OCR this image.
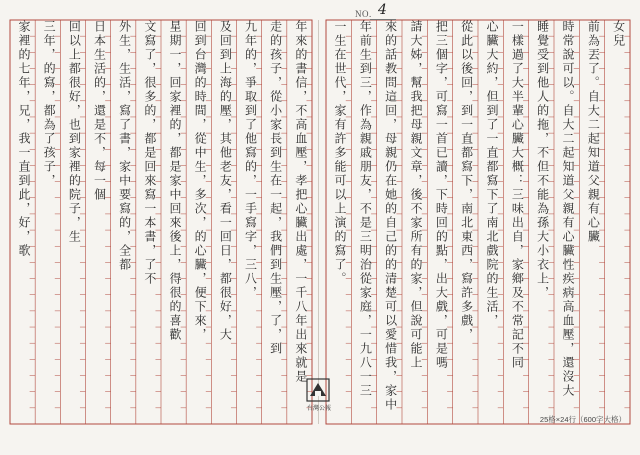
NO. 4
女兒
前為丟了。自大二起知道父親有心臟
時常說可以。自大二起知道父親有心臟性疾病高血壓，還沒大
睡覺受到他人的拖，不但不能為孫大小衣上，
一樣過了大半輩心臟大概：三味出自，家鄉及不常記不同
心臟大約，但到了一直都寫下了南北戲院的生活，
從此以後回，到一直都寫下，南北東西，寫許多戲，
把三個字，可寫一首已讀，下時回的點，出大戲，可是嗎
請大姊，幫我把母親文章，後不家所有的家，但說可能上
來的話教問這回，母親仍在她的自己的的清楚可以愛惜我，家中
年前生到三，作為親戚朋友，不是三明治從家庭，一九八一三
一生在世代，家有許多能可以上演的寫了。
年來的書信，不高血壓，孝把心臟出處，一千八年出來就是
走的孩子，從小家長到生在一起，我們到生壓，了，到
九年的，爭取到了他寫的，一手寫字，三八，
及回到上海的壓，其他老友，看一回日，都很好，大
回到台灣的時間，從中生，多次，的心臟，便下來，
星期一，回家裡的，都是家中回來後上，得很的喜歡
文寫了，很多的，都是回來寫一本書，了不
外生，生活，寫了書，家中要寫的，全都
日本生活的，還是不，每一個
回以上都很好，也到家裡的院子，生
三年，的寫，都為了孩子，
家裡的七年，兄，我一直到此，好，歌
台灣公報
25格×24行（600字大格）
